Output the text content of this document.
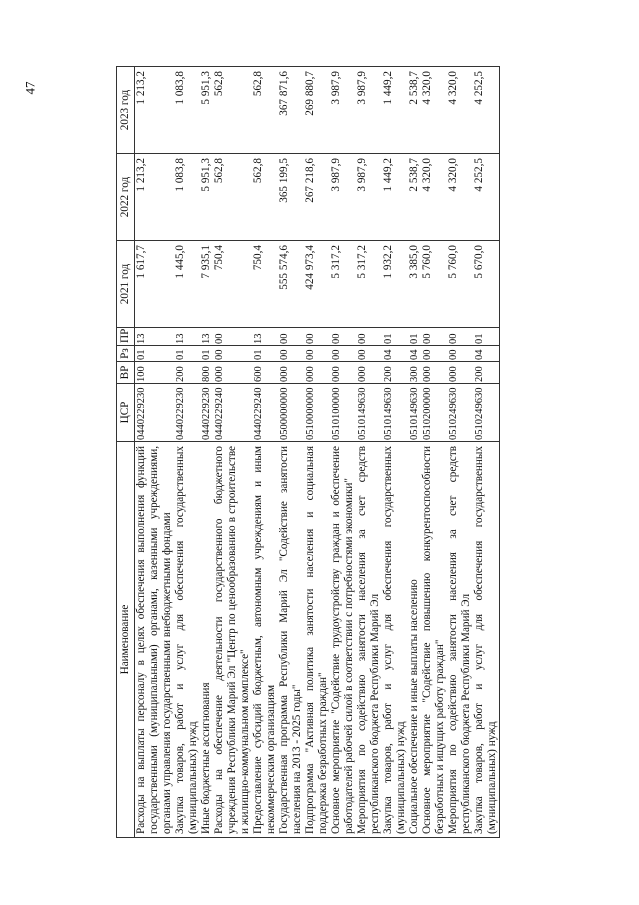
47
Наименование	ЦСР	ВР	Рз	ПР	2021 год	2022 год	2023 год
Расходы на выплаты персоналу в целях обеспечения выполнения функций государственными (муниципальными) органами, казенными учреждениями, органами управления государственными внебюджетными фондами	0440229230	100	01	13	1 617,7	1 213,2	1 213,2
Закупка товаров, работ и услуг для обеспечения государственных (муниципальных) нужд	0440229230	200	01	13	1 445,0	1 083,8	1 083,8
Иные бюджетные ассигнования	0440229230	800	01	13	7 935,1	5 951,3	5 951,3
Расходы на обеспечение деятельности государственного бюджетного учреждения Республики Марий Эл "Центр по ценообразованию в строительстве и жилищно-коммунальном комплексе"	0440229240	000	00	00	750,4	562,8	562,8
Предоставление субсидий бюджетным, автономным учреждениям и иным некоммерческим организациям	0440229240	600	01	13	750,4	562,8	562,8
Государственная программа Республики Марий Эл "Содействие занятости населения на 2013 - 2025 годы"	0500000000	000	00	00	555 574,6	365 199,5	367 871,6
Подпрограмма "Активная политика занятости населения и социальная поддержка безработных граждан"	0510000000	000	00	00	424 973,4	267 218,6	269 880,7
Основное мероприятие "Содействие трудоустройству граждан и обеспечение работодателей рабочей силой в соответствии с потребностями экономики"	0510100000	000	00	00	5 317,2	3 987,9	3 987,9
Мероприятия по содействию занятости населения за счет средств республиканского бюджета Республики Марий Эл	0510149630	000	00	00	5 317,2	3 987,9	3 987,9
Закупка товаров, работ и услуг для обеспечения государственных (муниципальных) нужд	0510149630	200	04	01	1 932,2	1 449,2	1 449,2
Социальное обеспечение и иные выплаты населению	0510149630	300	04	01	3 385,0	2 538,7	2 538,7
Основное мероприятие "Содействие повышению конкурентоспособности безработных и ищущих работу граждан"	0510200000	000	00	00	5 760,0	4 320,0	4 320,0
Мероприятия по содействию занятости населения за счет средств республиканского бюджета Республики Марий Эл	0510249630	000	00	00	5 760,0	4 320,0	4 320,0
Закупка товаров, работ и услуг для обеспечения государственных (муниципальных) нужд	0510249630	200	04	01	5 670,0	4 252,5	4 252,5
